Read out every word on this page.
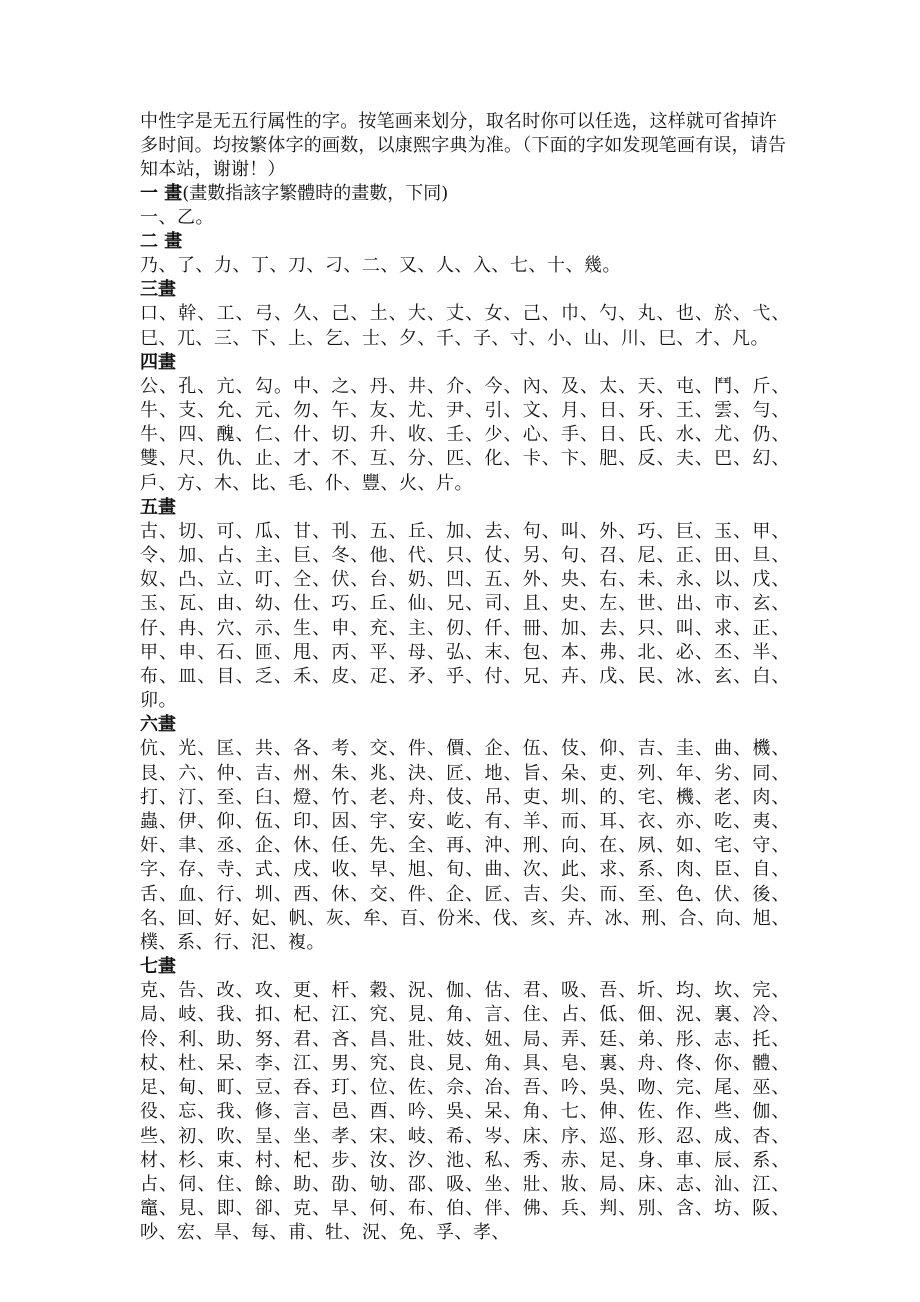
中性字是无五行属性的字。按笔画来划分，取名时你可以任选，这样就可省掉许多时间。均按繁体字的画数，以康熙字典为准。（下面的字如发现笔画有误，请告知本站，谢谢！）

一 畫(畫數指該字繁體時的畫數，下同)

一、乙。

二 畫

乃、了、力、丁、刀、刁、二、又、人、入、七、十、幾。

三畫

口、幹、工、弓、久、己、土、大、丈、女、己、巾、勺、丸、也、於、弋、巳、兀、三、下、上、乞、士、夕、千、子、寸、小、山、川、巳、才、凡。

四畫

公、孔、亢、勾。中、之、丹、井、介、今、內、及、太、天、屯、鬥、斤、牛、支、允、元、勿、午、友、尤、尹、引、文、月、日、牙、王、雲、勻、牛、四、醜、仁、什、切、升、收、壬、少、心、手、日、氏、水、尤、仍、雙、尺、仇、止、才、不、互、分、匹、化、卡、卞、肥、反、夫、巴、幻、戶、方、木、比、毛、仆、豐、火、片。

五畫

古、切、可、瓜、甘、刊、五、丘、加、去、句、叫、外、巧、巨、玉、甲、令、加、占、主、巨、冬、他、代、只、仗、另、句、召、尼、正、田、旦、奴、凸、立、叮、仝、伏、台、奶、凹、五、外、央、右、未、永、以、戊、玉、瓦、由、幼、仕、巧、丘、仙、兄、司、且、史、左、世、出、市、玄、仔、冉、穴、示、生、申、充、主、仞、仟、冊、加、去、只、叫、求、正、甲、申、石、匝、甩、丙、平、母、弘、末、包、本、弗、北、必、丕、半、布、皿、目、乏、禾、皮、疋、矛、乎、付、兄、卉、戊、民、冰、玄、白、卯。

六畫

伉、光、匡、共、各、考、交、件、價、企、伍、伎、仰、吉、圭、曲、機、艮、六、仲、吉、州、朱、兆、決、匠、地、旨、朵、吏、列、年、劣、同、打、汀、至、臼、燈、竹、老、舟、伎、吊、吏、圳、的、宅、機、老、肉、蟲、伊、仰、伍、印、因、宇、安、屹、有、羊、而、耳、衣、亦、吃、夷、奸、聿、丞、企、休、任、先、全、再、沖、刑、向、在、夙、如、宅、守、字、存、寺、式、戌、收、早、旭、旬、曲、次、此、求、系、肉、臣、自、舌、血、行、圳、西、休、交、件、企、匠、吉、尖、而、至、色、伏、後、名、回、好、妃、帆、灰、牟、百、份米、伐、亥、卉、冰、刑、合、向、旭、樸、系、行、汜、複。

七畫

克、告、改、攻、更、杆、穀、況、伽、估、君、吸、吾、圻、均、坎、完、局、岐、我、扣、杞、江、究、見、角、言、住、占、低、佃、況、裏、冷、伶、利、助、努、君、吝、昌、壯、妓、妞、局、弄、廷、弟、彤、志、托、杖、杜、呆、李、江、男、究、良、見、角、具、皂、裏、舟、佟、你、體、足、甸、町、豆、吞、玎、位、佐、佘、冶、吾、吟、吳、吻、完、尾、巫、役、忘、我、修、言、邑、酉、吟、吳、呆、角、七、伸、佐、作、些、伽、些、初、吹、呈、坐、孝、宋、岐、希、岑、床、序、巡、形、忍、成、杏、材、杉、束、村、杞、步、汝、汐、池、私、秀、赤、足、身、車、辰、系、占、伺、住、餘、助、劭、劬、邵、吸、坐、壯、妝、局、床、志、汕、江、竈、見、即、卻、克、早、何、布、伯、伴、佛、兵、判、別、含、坊、阪、吵、宏、旱、每、甫、牡、況、免、孚、孝、
